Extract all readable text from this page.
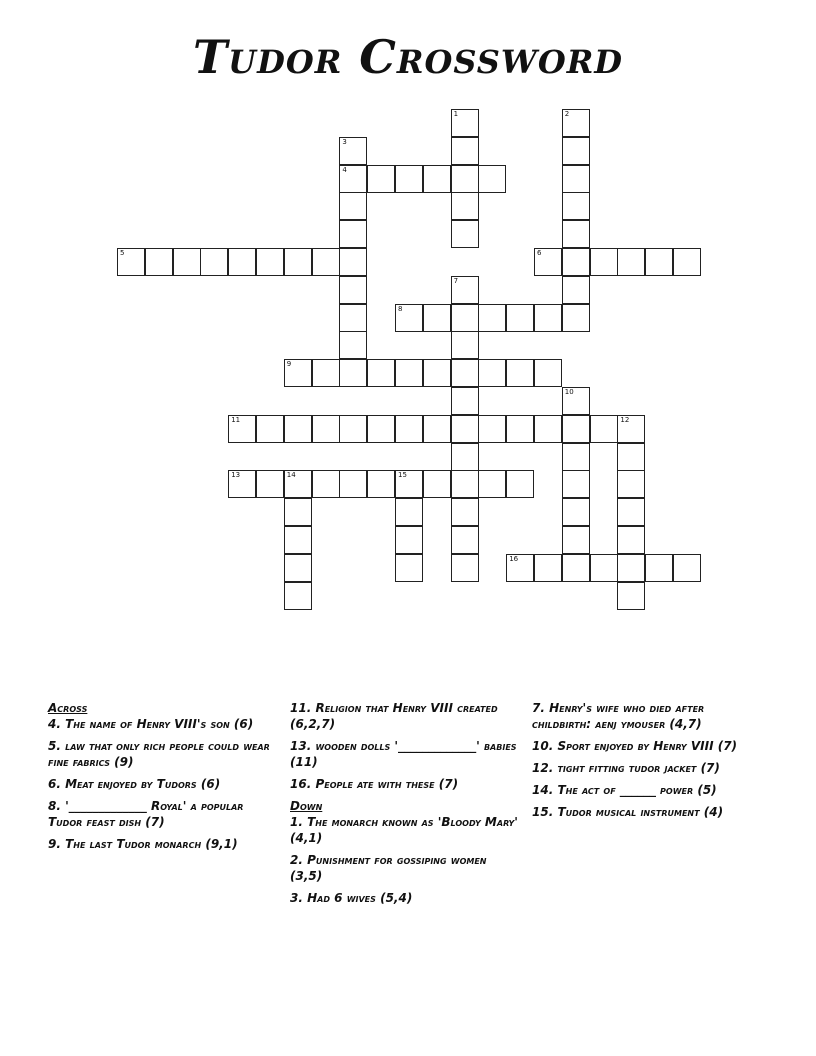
Tudor Crossword
1	2
3
4
5	6
7
8
9
10
11	12
13	14	15
16
Across
4. The name of Henry VIII's son (6)
5. law that only rich people could wear fine fabrics (9)
6. Meat enjoyed by Tudors (6)
8. '_____________ Royal' a popular Tudor feast dish (7)
9. The last Tudor monarch (9,1)
11. Religion that Henry VIII created (6,2,7)
13. wooden dolls '_____________' babies (11)
16. People ate with these (7)
Down
1. The monarch known as 'Bloody Mary' (4,1)
2. Punishment for gossiping women (3,5)
3. Had 6 wives (5,4)
7. Henry's wife who died after childbirth: aenj ymouser (4,7)
10. Sport enjoyed by Henry VIII (7)
12. tight fitting tudor jacket (7)
14. The act of ______ power (5)
15. Tudor musical instrument (4)
